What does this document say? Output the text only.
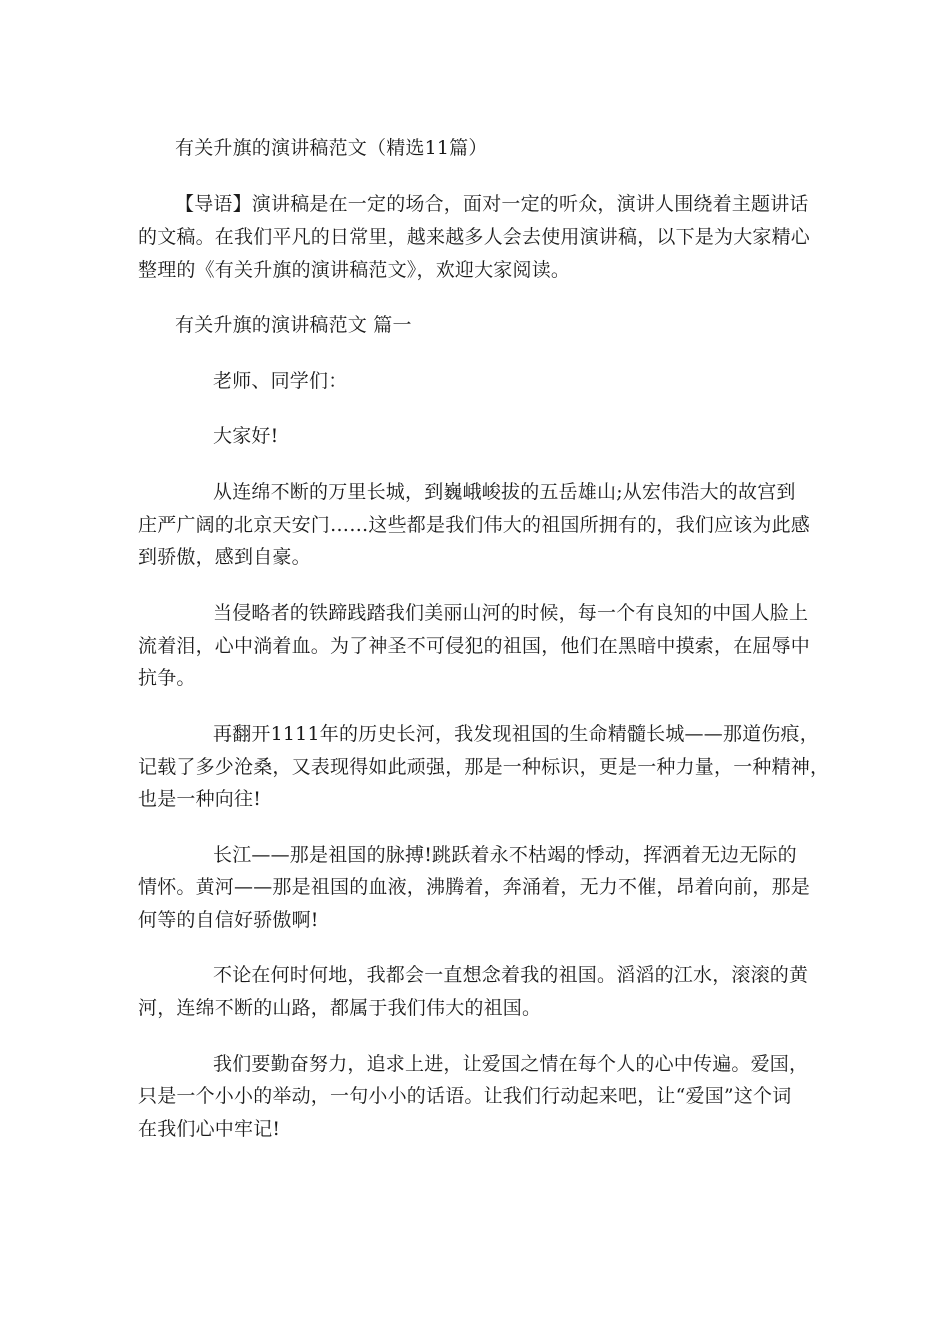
有关升旗的演讲稿范文（精选11篇）
【导语】演讲稿是在一定的场合，面对一定的听众，演讲人围绕着主题讲话
的文稿。在我们平凡的日常里，越来越多人会去使用演讲稿，以下是为大家精心
整理的《有关升旗的演讲稿范文》，欢迎大家阅读。
有关升旗的演讲稿范文 篇一
老师、同学们：
大家好!
从连绵不断的万里长城，到巍峨峻拔的五岳雄山;从宏伟浩大的故宫到
庄严广阔的北京天安门……这些都是我们伟大的祖国所拥有的，我们应该为此感
到骄傲，感到自豪。
当侵略者的铁蹄践踏我们美丽山河的时候，每一个有良知的中国人脸上
流着泪，心中淌着血。为了神圣不可侵犯的祖国，他们在黑暗中摸索，在屈辱中
抗争。
再翻开1111年的历史长河，我发现祖国的生命精髓长城——那道伤痕，
记载了多少沧桑，又表现得如此顽强，那是一种标识，更是一种力量，一种精神，
也是一种向往!
长江——那是祖国的脉搏!跳跃着永不枯竭的悸动，挥洒着无边无际的
情怀。黄河——那是祖国的血液，沸腾着，奔涌着，无力不催，昂着向前，那是
何等的自信好骄傲啊!
不论在何时何地，我都会一直想念着我的祖国。滔滔的江水，滚滚的黄
河，连绵不断的山路，都属于我们伟大的祖国。
我们要勤奋努力，追求上进，让爱国之情在每个人的心中传遍。爱国，
只是一个小小的举动，一句小小的话语。让我们行动起来吧，让“爱国”这个词
在我们心中牢记!
